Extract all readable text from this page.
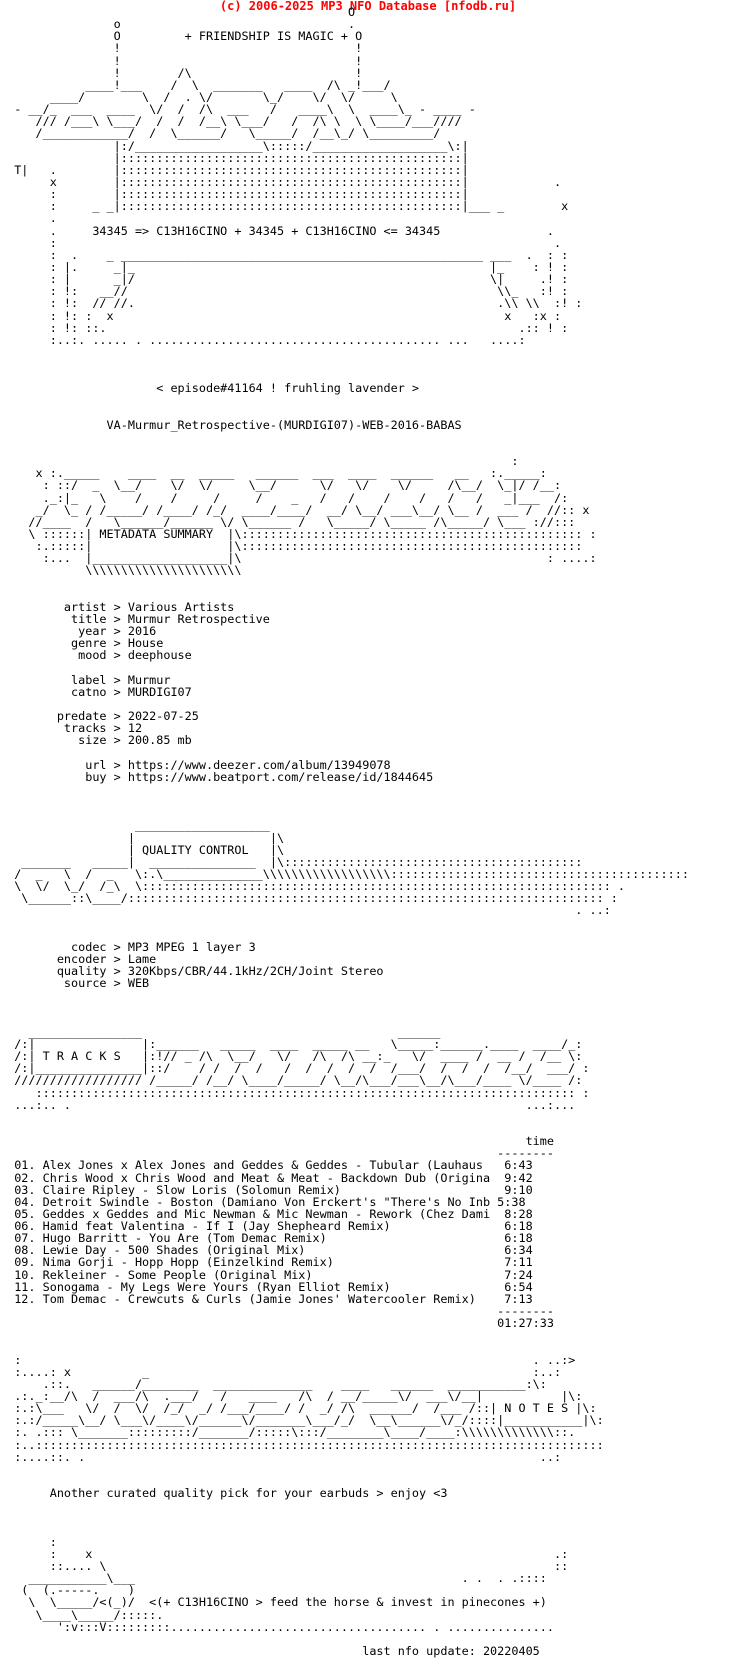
(c) 2006-2025 MP3 NFO Database [nfodb.ru]
O
o                                .
O         + FRIENDSHIP IS MAGIC + O
!                                 !
!                                 !
!        /\                       !
____!___    /  \  _______   ____  /\ _!___/
____/        \  /  . \/       \_/    \/  \/     \
- __/_  ___  ____  \/  /  /\  ___   /   ____\  \  ____\_ - ____ -
/// /___\ \___/  /  /  /__\ \___/   /  /\ \  \ \____/___////
/____________/  /  \______/   \_____/  /__\_/ \_________/
|:/__________________\:::::/___________________\:|
|::::::::::::::::::::::::::::::::::::::::::::::::|
T|   .        |::::::::::::::::::::::::::::::::::::::::::::::::|
x        |::::::::::::::::::::::::::::::::::::::::::::::::|            .
:        |::::::::::::::::::::::::::::::::::::::::::::::::|
:     _ _|::::::::::::::::::::::::::::::::::::::::::::::::|___ _        x
.
.     34345 => C13H16CINO + 34345 + C13H16CINO <= 34345               .
:                                                                      .
:  .    _ ___________________________________________________ ___  .  : :
: |.     _|_                                                  |_    : ! :
: |      _|/                                                  \|     .! :
: !:   __//                                                    \\_   :! :
: !:  // //.                                                   .\\ \\  :! :
: !: :  x                                                       x   :x :
: !: ::.                                                          .:: ! :
:..:. ..... . ......................................... ...   ....:

< episode#41164 ! fruhling lavender >

VA-Murmur_Retrospective-(MURDIGI07)-WEB-2016-BABAS

:
x :._____    ____  __  _____   ______  ___  ____  ______   __   :._____:
: ::/  _  \__/    \/  \/     \__/      \/   \/    \/     /\__/  \_|/ /__:
._:|_   \    /    /     /     /    _   /   /    /    /   /   /   _|___  /:
_/  \_ / /_____/ /____/ /_/  ____/____/  __/ \__/ ___\__/ \__ /  ___ /  //:: x
//____  /   \______/______ \/ \______ /   \_____/ \_____ /\_____/ \___ ://:::
\ ::::::| METADATA SUMMARY  |\:::::::::::::::::::::::::::::::::::::::::::::::: :
:.:::::|                   |\::::::::::::::::::::::::::::::::::::::::::::::::
:...  |___________________|\                                           : ....:
\\\\\\\\\\\\\\\\\\\\\\

artist > Various Artists
title > Murmur Retrospective
year > 2016
genre > House
mood > deephouse

label > Murmur
catno > MURDIGI07

predate > 2022-07-25
tracks > 12
size > 200.85 mb

url > https://www.deezer.com/album/13949078
buy > https://www.beatport.com/release/id/1844645

___________________
|                   |\
| QUALITY CONTROL   |\
_______   _____|  _______________  |\::::::::::::::::::::::::::::::::::::::::::
/  _   \  /  _   \:.\______________\\\\\\\\\\\\\\\\\\::::::::::::::::::::::::::::::::::::::::::
\  \/  \_/  /_\  \:::::::::::::::::::::::::::::::::::::::::::::::::::::::::::::::::: .
\______::\____/::::::::::::::::::::::::::::::::::::::::::::::::::::::::::::::::::: :
. ..:

codec > MP3 MPEG 1 layer 3
encoder > Lame
quality > 320Kbps/CBR/44.1kHz/2CH/Joint Stereo
source > WEB

________________                                    ______
/:|               |:______   _____  ____  _____ __   \_____:______.____  ____/_:
/:| T R A C K S   |:!// _ /\  \__/   \/   /\  /\ __:_   \/  ____ /  __ /  /__ \:
/:|_______________|::/    / /  /  /   /  /  /  /  /  /___/  /  /  /  /__/  ___/ :
////////////////// /_____/ /__/ \____/_____/ \__/\___/___\__/\___/____ \/____ /:
:::::::::::::::::::::::::::::::::::::::::::::::::::::::::::::::::::::::::::: :
...:.. .                                                                ...:...

time
--------
01. Alex Jones x Alex Jones and Geddes & Geddes - Tubular (Lauhaus   6:43
02. Chris Wood x Chris Wood and Meat & Meat - Backdown Dub (Origina  9:42
03. Claire Ripley - Slow Loris (Solomun Remix)                       9:10
04. Detroit Swindle - Boston (Damiano Von Erckert's "There's No Inb 5:38
05. Geddes x Geddes and Mic Newman & Mic Newman - Rework (Chez Dami  8:28
06. Hamid feat Valentina - If I (Jay Shepheard Remix)                6:18
07. Hugo Barritt - You Are (Tom Demac Remix)                         6:18
08. Lewie Day - 500 Shades (Original Mix)                            6:34
09. Nima Gorji - Hopp Hopp (Einzelkind Remix)                        7:11
10. Rekleiner - Some People (Original Mix)                           7:24
11. Sonogama - My Legs Were Yours (Ryan Elliot Remix)                6:54
12. Tom Demac - Crewcuts & Curls (Jamie Jones' Watercooler Remix)    7:13
--------
01:27:33

:                                                                        . ..:>
:....: x          _                                                      :..:
.::.   ______/________  ______________    ____   ______  ___________:\:
.:._:__/\  /  ___/\  .___/   /   ____   /\  / __/_____\/  ___\/__|           |\:
:.:\___   \/  /  \/  /_/  _/ /___/____/ /  _/ /\  ______/  /___ /::| N O T E S |\:
:.:/_____\__/ \___\/____\/______\/_______\___/_/  \__\______\/_/::::|___________|\:
:. .::: \_______:::::::::/_______/:::::\:::/________\____/____:\\\\\\\\\\\\\::.
:..::::::::::::::::::::::::::::::::::::::::::::::::::::::::::::::::::::::::::::::::
:....::. .                                                                ..:

Another curated quality pick for your earbuds > enjoy <3

:
:    x                                                                 .:
::.... \                                                               ::
___________\___                                              . .  . .::::
(  (.-----.    )
\  \_____/<(_)/  <(+ C13H16CINO > feed the horse & invest in pinecones +)
\____\_____/:::::.
':v:::V:::::::::.................................... . ...............

last nfo update: 20220405
